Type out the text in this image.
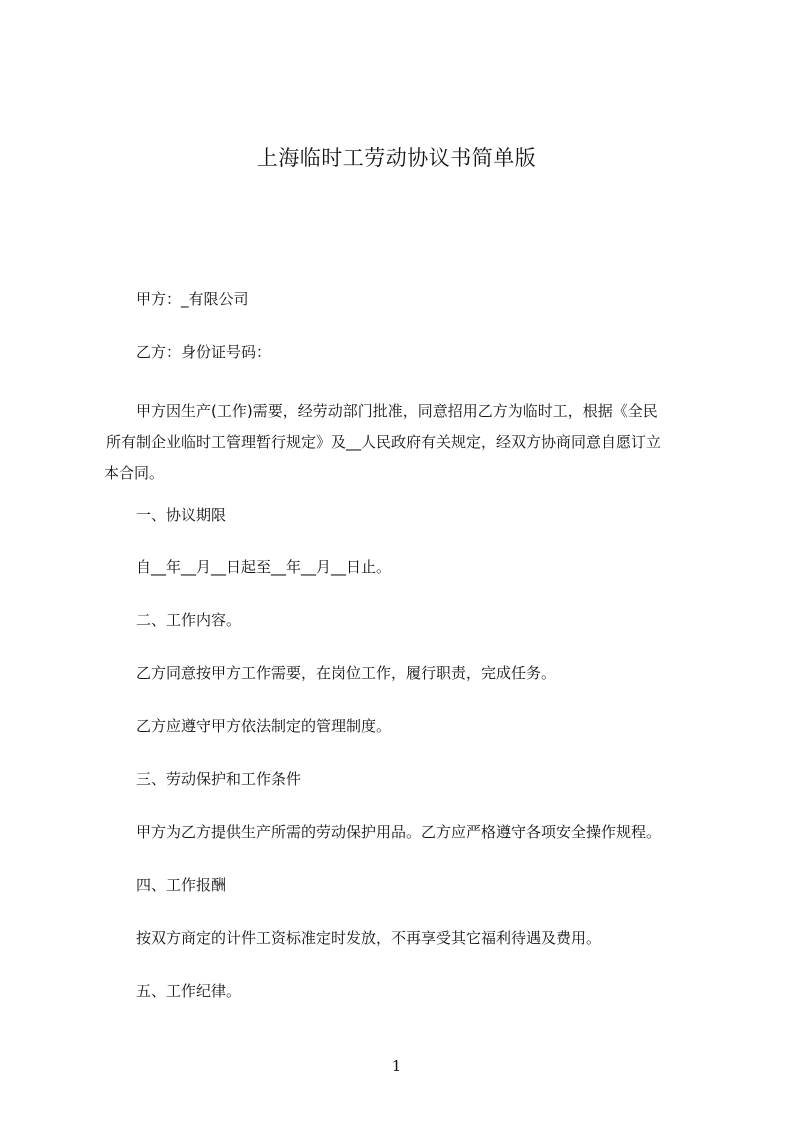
上海临时工劳动协议书简单版
甲方：_有限公司
乙方：身份证号码：
甲方因生产(工作)需要，经劳动部门批准，同意招用乙方为临时工，根据《全民
所有制企业临时工管理暂行规定》及__人民政府有关规定，经双方协商同意自愿订立
本合同。
一、协议期限
自__年__月__日起至__年__月__日止。
二、工作内容。
乙方同意按甲方工作需要，在岗位工作，履行职责，完成任务。
乙方应遵守甲方依法制定的管理制度。
三、劳动保护和工作条件
甲方为乙方提供生产所需的劳动保护用品。乙方应严格遵守各项安全操作规程。
四、工作报酬
按双方商定的计件工资标准定时发放，不再享受其它福利待遇及费用。
五、工作纪律。
1
